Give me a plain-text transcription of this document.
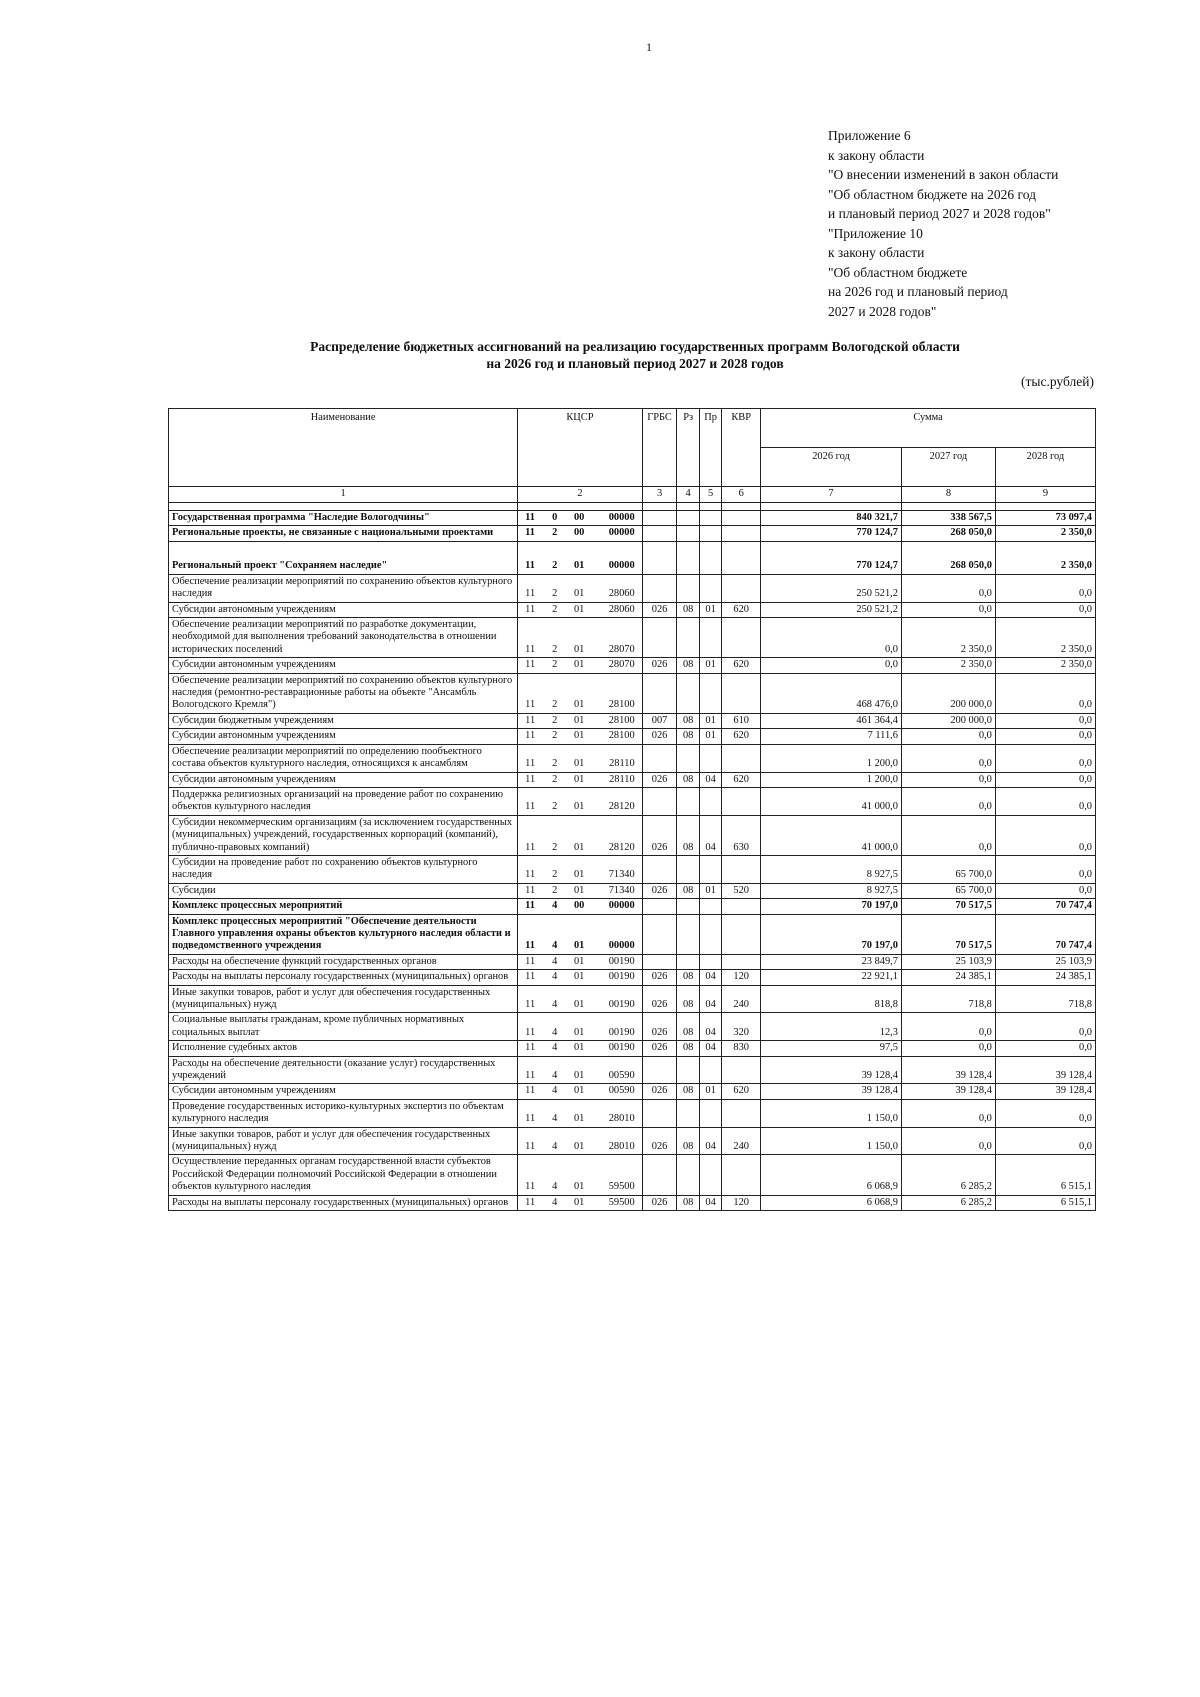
1
Приложение 6
к закону области
"О внесении изменений в закон области
"Об областном бюджете на 2026 год
и плановый период 2027 и 2028 годов"
"Приложение 10
к закону области
"Об областном бюджете
на 2026 год и плановый период
2027 и 2028 годов"
Распределение бюджетных ассигнований на реализацию государственных программ Вологодской области
на 2026 год и плановый период 2027 и 2028 годов
(тыс.рублей)
Наименование	КЦСР	ГРБС	Рз	Пр	КВР	Сумма		
						2026 год	2027 год	2028 год
1	2	3	4	5	6	7	8	9

Государственная программа "Наследие Вологодчины"	11 0 00 00000					840 321,7	338 567,5	73 097,4
Региональные проекты, не связанные с национальными проектами	11 2 00 00000					770 124,7	268 050,0	2 350,0
Региональный проект "Сохраняем наследие"	11 2 01 00000					770 124,7	268 050,0	2 350,0
Обеспечение реализации мероприятий по сохранению объектов культурного наследия	11 2 01 28060					250 521,2	0,0	0,0
Субсидии автономным учреждениям	11 2 01 28060	026	08	01	620	250 521,2	0,0	0,0
Обеспечение реализации мероприятий по разработке документации, необходимой для выполнения требований законодательства в отношении исторических поселений	11 2 01 28070					0,0	2 350,0	2 350,0
Субсидии автономным учреждениям	11 2 01 28070	026	08	01	620	0,0	2 350,0	2 350,0
Обеспечение реализации мероприятий по сохранению объектов культурного наследия (ремонтно-реставрационные работы на объекте "Ансамбль Вологодского Кремля")	11 2 01 28100					468 476,0	200 000,0	0,0
Субсидии бюджетным учреждениям	11 2 01 28100	007	08	01	610	461 364,4	200 000,0	0,0
Субсидии автономным учреждениям	11 2 01 28100	026	08	01	620	7 111,6	0,0	0,0
Обеспечение реализации мероприятий по определению пообъектного состава объектов культурного наследия, относящихся к ансамблям	11 2 01 28110					1 200,0	0,0	0,0
Субсидии автономным учреждениям	11 2 01 28110	026	08	04	620	1 200,0	0,0	0,0
Поддержка религиозных организаций на проведение работ по сохранению объектов культурного наследия	11 2 01 28120					41 000,0	0,0	0,0
Субсидии некоммерческим организациям (за исключением государственных (муниципальных) учреждений, государственных корпораций (компаний), публично-правовых компаний)	11 2 01 28120	026	08	04	630	41 000,0	0,0	0,0
Субсидии на проведение работ по сохранению объектов культурного наследия	11 2 01 71340					8 927,5	65 700,0	0,0
Субсидии	11 2 01 71340	026	08	01	520	8 927,5	65 700,0	0,0
Комплекс процессных мероприятий	11 4 00 00000					70 197,0	70 517,5	70 747,4
Комплекс процессных мероприятий "Обеспечение деятельности Главного управления охраны объектов культурного наследия области и подведомственного учреждения	11 4 01 00000					70 197,0	70 517,5	70 747,4
Расходы на обеспечение функций государственных органов	11 4 01 00190					23 849,7	25 103,9	25 103,9
Расходы на выплаты персоналу государственных (муниципальных) органов	11 4 01 00190	026	08	04	120	22 921,1	24 385,1	24 385,1
Иные закупки товаров, работ и услуг для обеспечения государственных (муниципальных) нужд	11 4 01 00190	026	08	04	240	818,8	718,8	718,8
Социальные выплаты гражданам, кроме публичных нормативных социальных выплат	11 4 01 00190	026	08	04	320	12,3	0,0	0,0
Исполнение судебных актов	11 4 01 00190	026	08	04	830	97,5	0,0	0,0
Расходы на обеспечение деятельности (оказание услуг) государственных учреждений	11 4 01 00590					39 128,4	39 128,4	39 128,4
Субсидии автономным учреждениям	11 4 01 00590	026	08	01	620	39 128,4	39 128,4	39 128,4
Проведение государственных историко-культурных экспертиз по объектам культурного наследия	11 4 01 28010					1 150,0	0,0	0,0
Иные закупки товаров, работ и услуг для обеспечения государственных (муниципальных) нужд	11 4 01 28010	026	08	04	240	1 150,0	0,0	0,0
Осуществление переданных органам государственной власти субъектов Российской Федерации полномочий Российской Федерации в отношении объектов культурного наследия	11 4 01 59500					6 068,9	6 285,2	6 515,1
Расходы на выплаты персоналу государственных (муниципальных) органов	11 4 01 59500	026	08	04	120	6 068,9	6 285,2	6 515,1
